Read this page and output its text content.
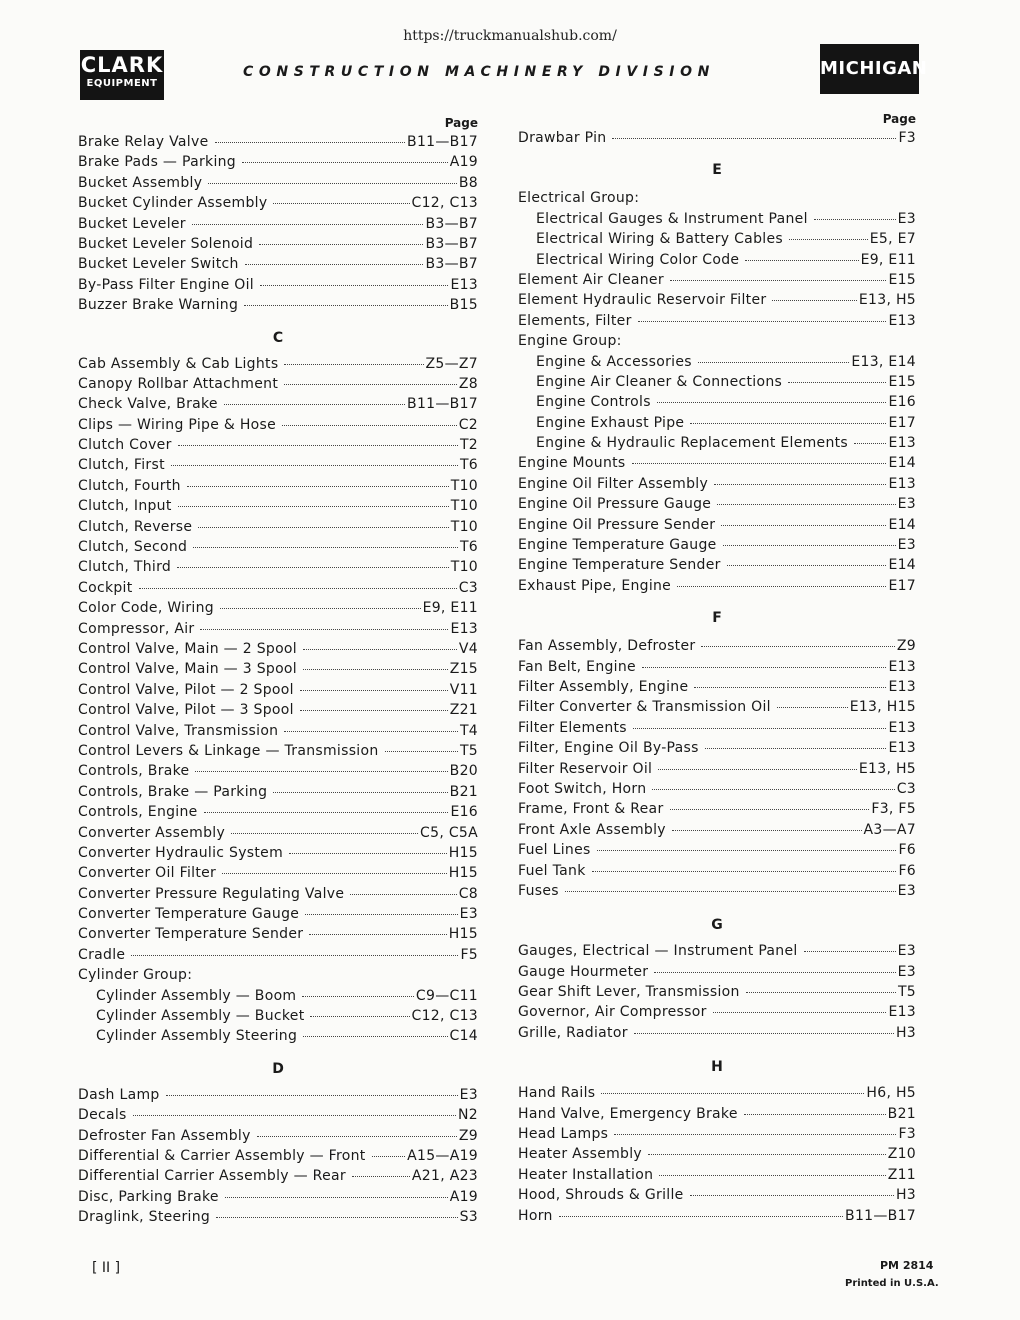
https://truckmanualshub.com/
CLARK
EQUIPMENT
CONSTRUCTION MACHINERY DIVISION	MICHIGAN
Page
Brake Relay Valve	B11—B17
Brake Pads — Parking	A19
Bucket Assembly	B8
Bucket Cylinder Assembly	C12, C13
Bucket Leveler	B3—B7
Bucket Leveler Solenoid	B3—B7
Bucket Leveler Switch	B3—B7
By-Pass Filter Engine Oil	E13
Buzzer Brake Warning	B15
C
Cab Assembly & Cab Lights	Z5—Z7
Canopy Rollbar Attachment	Z8
Check Valve, Brake	B11—B17
Clips — Wiring Pipe & Hose	C2
Clutch Cover	T2
Clutch, First	T6
Clutch, Fourth	T10
Clutch, Input	T10
Clutch, Reverse	T10
Clutch, Second	T6
Clutch, Third	T10
Cockpit	C3
Color Code, Wiring	E9, E11
Compressor, Air	E13
Control Valve, Main — 2 Spool	V4
Control Valve, Main — 3 Spool	Z15
Control Valve, Pilot — 2 Spool	V11
Control Valve, Pilot — 3 Spool	Z21
Control Valve, Transmission	T4
Control Levers & Linkage — Transmission	T5
Controls, Brake	B20
Controls, Brake — Parking	B21
Controls, Engine	E16
Converter Assembly	C5, C5A
Converter Hydraulic System	H15
Converter Oil Filter	H15
Converter Pressure Regulating Valve	C8
Converter Temperature Gauge	E3
Converter Temperature Sender	H15
Cradle	F5
Cylinder Group:
Cylinder Assembly — Boom	C9—C11
Cylinder Assembly — Bucket	C12, C13
Cylinder Assembly Steering	C14
D
Dash Lamp	E3
Decals	N2
Defroster Fan Assembly	Z9
Differential & Carrier Assembly — Front	A15—A19
Differential Carrier Assembly — Rear	A21, A23
Disc, Parking Brake	A19
Draglink, Steering	S3
Page
Drawbar Pin	F3
E
Electrical Group:
Electrical Gauges & Instrument Panel	E3
Electrical Wiring & Battery Cables	E5, E7
Electrical Wiring Color Code	E9, E11
Element Air Cleaner	E15
Element Hydraulic Reservoir Filter	E13, H5
Elements, Filter	E13
Engine Group:
Engine & Accessories	E13, E14
Engine Air Cleaner & Connections	E15
Engine Controls	E16
Engine Exhaust Pipe	E17
Engine & Hydraulic Replacement Elements	E13
Engine Mounts	E14
Engine Oil Filter Assembly	E13
Engine Oil Pressure Gauge	E3
Engine Oil Pressure Sender	E14
Engine Temperature Gauge	E3
Engine Temperature Sender	E14
Exhaust Pipe, Engine	E17
F
Fan Assembly, Defroster	Z9
Fan Belt, Engine	E13
Filter Assembly, Engine	E13
Filter Converter & Transmission Oil	E13, H15
Filter Elements	E13
Filter, Engine Oil By-Pass	E13
Filter Reservoir Oil	E13, H5
Foot Switch, Horn	C3
Frame, Front & Rear	F3, F5
Front Axle Assembly	A3—A7
Fuel Lines	F6
Fuel Tank	F6
Fuses	E3
G
Gauges, Electrical — Instrument Panel	E3
Gauge Hourmeter	E3
Gear Shift Lever, Transmission	T5
Governor, Air Compressor	E13
Grille, Radiator	H3
H
Hand Rails	H6, H5
Hand Valve, Emergency Brake	B21
Head Lamps	F3
Heater Assembly	Z10
Heater Installation	Z11
Hood, Shrouds & Grille	H3
Horn	B11—B17
[ II ]	PM 2814
Printed in U.S.A.
